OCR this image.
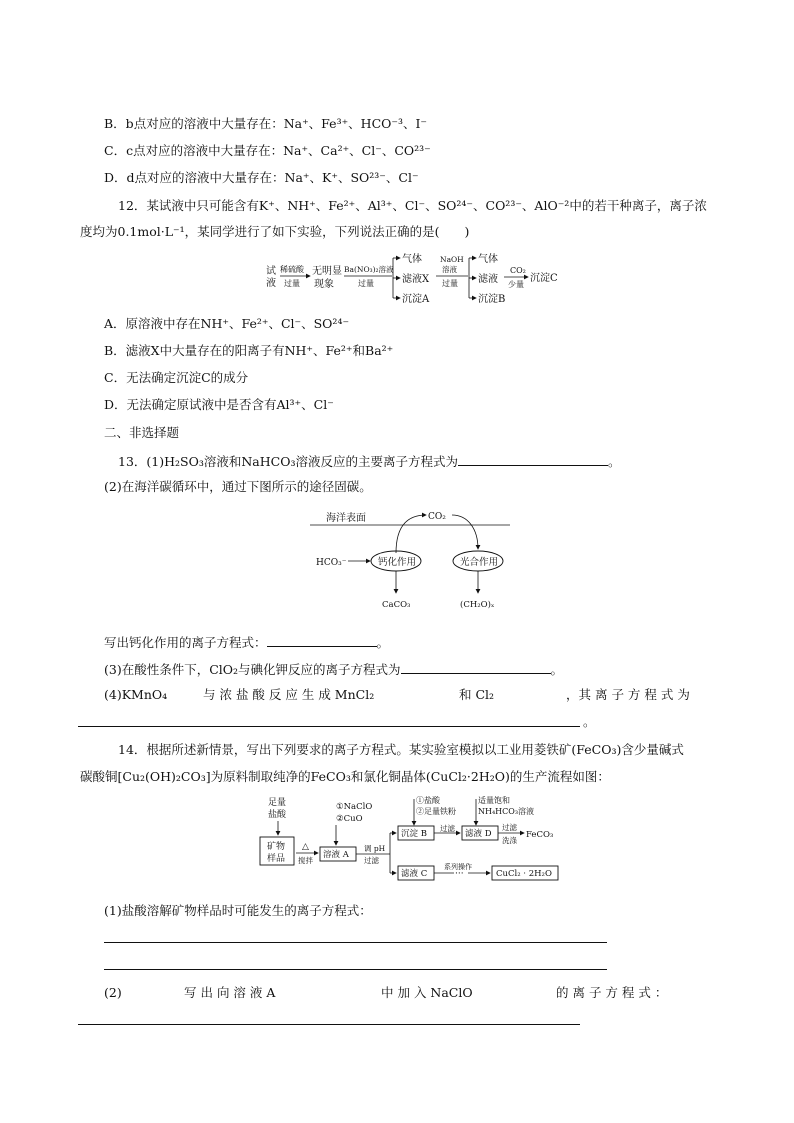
B．b点对应的溶液中大量存在：Na⁺、Fe³⁺、HCO⁻³、I⁻
C．c点对应的溶液中大量存在：Na⁺、Ca²⁺、Cl⁻、CO²³⁻
D．d点对应的溶液中大量存在：Na⁺、K⁺、SO²³⁻、Cl⁻
12．某试液中只可能含有K⁺、NH⁺、Fe²⁺、Al³⁺、Cl⁻、SO²⁴⁻、CO²³⁻、AlO⁻²中的若干种离子，离子浓
度均为0.1mol·L⁻¹，某同学进行了如下实验，下列说法正确的是(　　)
试
液
稀硫酸
过量
无明显
现象
Ba(NO₃)₂溶液
过量
气体
滤液X
沉淀A
NaOH
溶液
过量
气体
滤液
沉淀B
CO₂
少量
沉淀C
A．原溶液中存在NH⁺、Fe²⁺、Cl⁻、SO²⁴⁻
B．滤液X中大量存在的阳离子有NH⁺、Fe²⁺和Ba²⁺
C．无法确定沉淀C的成分
D．无法确定原试液中是否含有Al³⁺、Cl⁻
二、非选择题
13．(1)H₂SO₃溶液和NaHCO₃溶液反应的主要离子方程式为	。
(2)在海洋碳循环中，通过下图所示的途径固碳。
海洋表面	CO₂
HCO₃⁻	钙化作用	光合作用
CaCO₃	(CH₂O)ₓ
写出钙化作用的离子方程式：	。
(3)在酸性条件下，ClO₂与碘化钾反应的离子方程式为	。
(4)KMnO₄	与 浓 盐 酸 反 应 生 成 MnCl₂	和 Cl₂	，其 离 子 方 程 式 为
。
14．根据所述新情景，写出下列要求的离子方程式。某实验室模拟以工业用菱铁矿(FeCO₃)含少量碱式
碳酸铜[Cu₂(OH)₂CO₃]为原料制取纯净的FeCO₃和氯化铜晶体(CuCl₂·2H₂O)的生产流程如图：
足量
盐酸
矿物
样品
△
搅拌
①NaClO
②CuO
溶液 A
调 pH
过滤
①盐酸
②足量铁粉
沉淀 B
过滤
适量饱和
NH₄HCO₃溶液
滤液 D
过滤
洗涤
FeCO₃
滤液 C
系列操作
···	CuCl₂ · 2H₂O
(1)盐酸溶解矿物样品时可能发生的离子方程式：
(2)	写 出 向 溶 液 A	中 加 入 NaClO	的 离 子 方 程 式 ：
